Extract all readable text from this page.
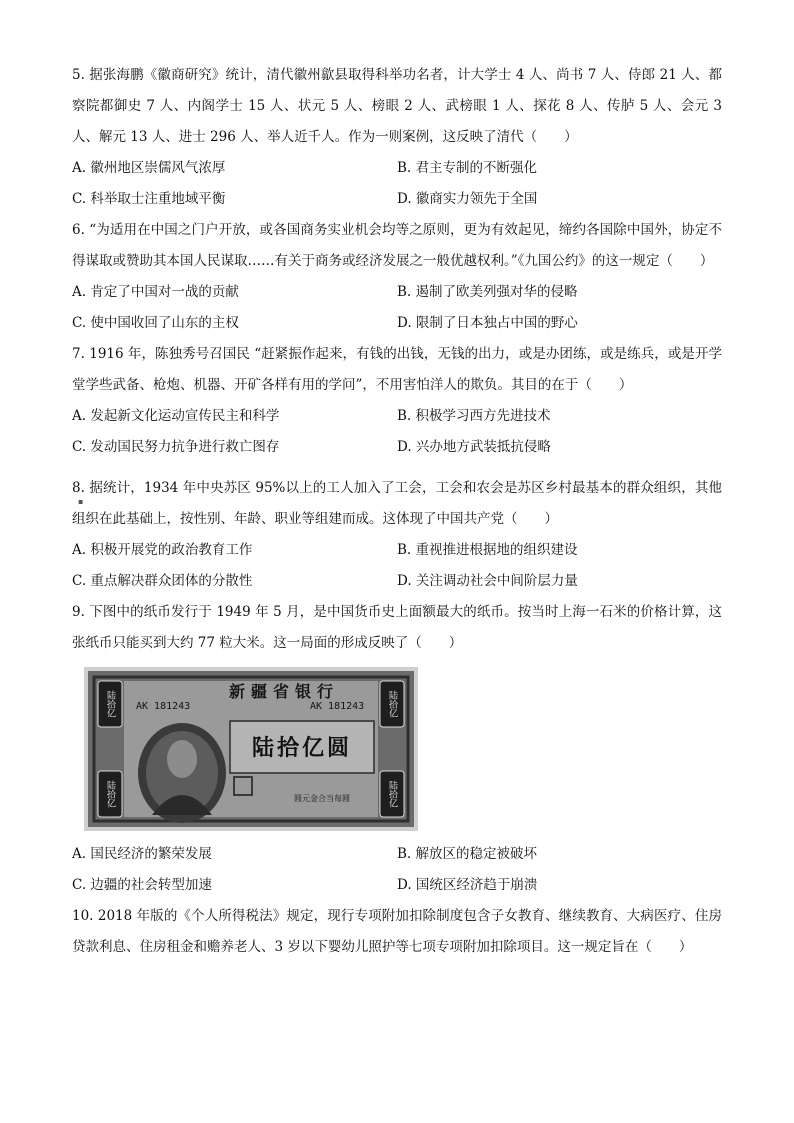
5. 据张海鹏《徽商研究》统计，清代徽州歙县取得科举功名者，计大学士 4 人、尚书 7 人、侍郎 21 人、都察院都御史 7 人、内阁学士 15 人、状元 5 人、榜眼 2 人、武榜眼 1 人、探花 8 人、传胪 5 人、会元 3 人、解元 13 人、进士 296 人、举人近千人。作为一则案例，这反映了清代（　　）
A. 徽州地区崇儒风气浓厚	B. 君主专制的不断强化
C. 科举取士注重地域平衡	D. 徽商实力领先于全国
6. “为适用在中国之门户开放，或各国商务实业机会均等之原则，更为有效起见，缔约各国除中国外，协定不得谋取或赞助其本国人民谋取……有关于商务或经济发展之一般优越权利。”《九国公约》的这一规定（　　）
A. 肯定了中国对一战的贡献	B. 遏制了欧美列强对华的侵略
C. 使中国收回了山东的主权	D. 限制了日本独占中国的野心
7. 1916 年，陈独秀号召国民 “赶紧振作起来，有钱的出钱，无钱的出力，或是办团练，或是练兵，或是开学堂学些武备、枪炮、机器、开矿各样有用的学问”，不用害怕洋人的欺负。其目的在于（　　）
A. 发起新文化运动宣传民主和科学	B. 积极学习西方先进技术
C. 发动国民努力抗争进行救亡图存	D. 兴办地方武装抵抗侵略
8. 据统计，1934 年中央苏区 95%以上的工人加入了工会，工会和农会是苏区乡村最基本的群众组织，其他组织在此基础上，按性别、年龄、职业等组建而成。这体现了中国共产党（　　）
A. 积极开展党的政治教育工作	B. 重视推进根据地的组织建设
C. 重点解决群众团体的分散性	D. 关注调动社会中间阶层力量
9. 下图中的纸币发行于 1949 年 5 月，是中国货币史上面额最大的纸币。按当时上海一石米的价格计算，这张纸币只能买到大约 77 粒大米。这一局面的形成反映了（　　）
陆拾亿	陆拾亿
陆拾亿	陆拾亿
新疆省银行
AK 181243	AK 181243
陆拾亿圆
圆元金合当每圆
A. 国民经济的繁荣发展	B. 解放区的稳定被破坏
C. 边疆的社会转型加速	D. 国统区经济趋于崩溃
10. 2018 年版的《个人所得税法》规定，现行专项附加扣除制度包含子女教育、继续教育、大病医疗、住房贷款利息、住房租金和赡养老人、3 岁以下婴幼儿照护等七项专项附加扣除项目。这一规定旨在（　　）
▪
